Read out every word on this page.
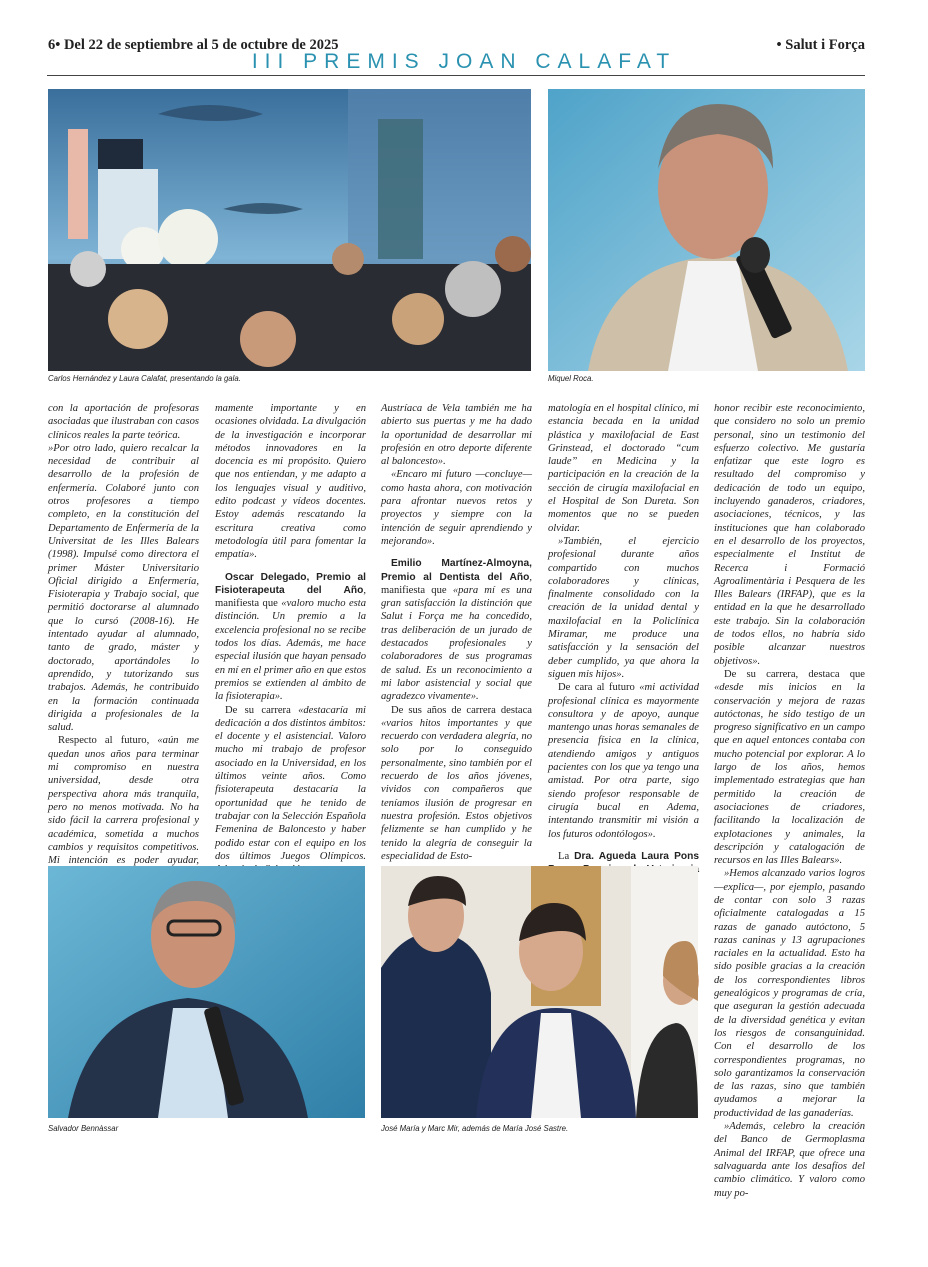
6• Del 22 de septiembre al 5 de octubre de 2025	• Salut i Força
III PREMIS JOAN CALAFAT
Carlos Hernández y Laura Calafat, presentando la gala.	Miquel Roca.

con la aportación de profesoras asociadas que ilustraban con casos clínicos reales la parte teórica.

»Por otro lado, quiero recalcar la necesidad de contribuir al desarrollo de la profesión de enfermería. Colaboré junto con otros profesores a tiempo completo, en la constitución del Departamento de Enfermería de la Universitat de les Illes Balears (1998). Impulsé como directora el primer Máster Universitario Oficial dirigido a Enfermería, Fisioterapia y Trabajo social, que permitió doctorarse al alumnado que lo cursó (2008-16). He intentado ayudar al alumnado, tanto de grado, máster y doctorado, aportándoles lo aprendido, y tutorizando sus trabajos. Además, he contribuido en la formación continuada dirigida a profesionales de la salud.

Respecto al futuro, «aún me quedan unos años para terminar mi compromiso en nuestra universidad, desde otra perspectiva ahora más tranquila, pero no menos motivada. No ha sido fácil la carrera profesional y académica, sometida a muchos cambios y requisitos competitivos. Mi intención es poder ayudar,

mamente importante y en ocasiones olvidada. La divulgación de la investigación e incorporar métodos innovadores en la docencia es mi propósito. Quiero que nos entiendan, y me adapto a los lenguajes visual y auditivo, edito podcast y vídeos docentes. Estoy además rescatando la escritura creativa como metodología útil para fomentar la empatía».

Oscar Delegado, Premio al Fisioterapeuta del Año, manifiesta que «valoro mucho esta distinción. Un premio a la excelencia profesional no se recibe todos los días. Además, me hace especial ilusión que hayan pensado en mí en el primer año en que estos premios se extienden al ámbito de la fisioterapia».

De su carrera «destacaría mi dedicación a dos distintos ámbitos: el docente y el asistencial. Valoro mucho mi trabajo de profesor asociado en la Universidad, en los últimos veinte años. Como fisioterapeuta destacaría la oportunidad que he tenido de trabajar con la Selección Española Femenina de Baloncesto y haber podido estar con el equipo en los dos últimos Juegos Olímpicos.

Austríaca de Vela también me ha abierto sus puertas y me ha dado la oportunidad de desarrollar mi profesión en otro deporte diferente al baloncesto».

«Encaro mi futuro —concluye— como hasta ahora, con motivación para afrontar nuevos retos y proyectos y siempre con la intención de seguir aprendiendo y mejorando».

Emilio Martínez-Almoyna, Premio al Dentista del Año, manifiesta que «para mí es una gran satisfacción la distinción que Salut i Força me ha concedido, tras deliberación de un jurado de destacados profesionales y colaboradores de sus programas de salud. Es un reconocimiento a mi labor asistencial y social que agradezco vivamente».

De sus años de carrera destaca «varios hitos importantes y que recuerdo con verdadera alegría, no solo por lo conseguido personalmente, sino también por el recuerdo de los años jóvenes, vividos con compañeros que teníamos ilusión de progresar en nuestra profesión. Estos objetivos felizmente se han cumplido y he tenido la alegría de conseguir la especialidad de Esto-

matología en el hospital clínico, mi estancia becada en la unidad plástica y maxilofacial de East Grinstead, el doctorado “cum laude” en Medicina y la participación en la creación de la sección de cirugía maxilofacial en el Hospital de Son Dureta. Son momentos que no se pueden olvidar.

»También, el ejercicio profesional durante años compartido con muchos colaboradores y clínicas, finalmente consolidado con la creación de la unidad dental y maxilofacial en la Policlínica Miramar, me produce una satisfacción y la sensación del deber cumplido, ya que ahora la siguen mis hijos».

De cara al futuro «mi actividad profesional clínica es mayormente consultora y de apoyo, aunque mantengo unas horas semanales de presencia física en la clínica, atendiendo amigos y antiguos pacientes con los que ya tengo una amistad. Por otra parte, sigo siendo profesor responsable de cirugía bucal en Adema, intentando transmitir mi visión a los futuros odontólogos».

La Dra. Agueda Laura Pons

honor recibir este reconocimiento, que considero no solo un premio personal, sino un testimonio del esfuerzo colectivo. Me gustaría enfatizar que este logro es resultado del compromiso y dedicación de todo un equipo, incluyendo ganaderos, criadores, asociaciones, técnicos, y las instituciones que han colaborado en el desarrollo de los proyectos, especialmente el Institut de Recerca i Formació Agroalimentària i Pesquera de les Illes Balears (IRFAP), que es la entidad en la que he desarrollado este trabajo. Sin la colaboración de todos ellos, no habría sido posible alcanzar nuestros objetivos».

De su carrera, destaca que «desde mis inicios en la conservación y mejora de razas autóctonas, he sido testigo de un progreso significativo en un campo que en aquel entonces contaba con mucho potencial por explorar. A lo largo de los años, hemos implementado estrategias que han permitido la creación de asociaciones de criadores, facilitando la localización de explotaciones y animales, la descripción y catalogación de recursos en las Illes Balears».

»Hemos alcanzado varios logros —explica—, por ejemplo, pasando de contar con solo 3 razas oficialmente catalogadas a 15 razas de ganado autóctono, 5 razas caninas y 13 agrupaciones raciales en la actualidad. Esto ha sido posible gracias a la creación de los correspondientes libros genealógicos y programas de cría, que aseguran la gestión adecuada de la diversidad genética y evitan los riesgos de consanguinidad. Con el desarrollo de los correspondientes programas, no solo garantizamos la conservación de las razas, sino que también ayudamos a mejorar la productividad de las ganaderías.

»Además, celebro la creación del Banco de Germoplasma Animal del IRFAP, que ofrece una salvaguarda ante los desafíos del cambio climático. Y valoro como muy po-

Salvador Bennàssar	José María y Marc Mir, además de María José Sastre.
